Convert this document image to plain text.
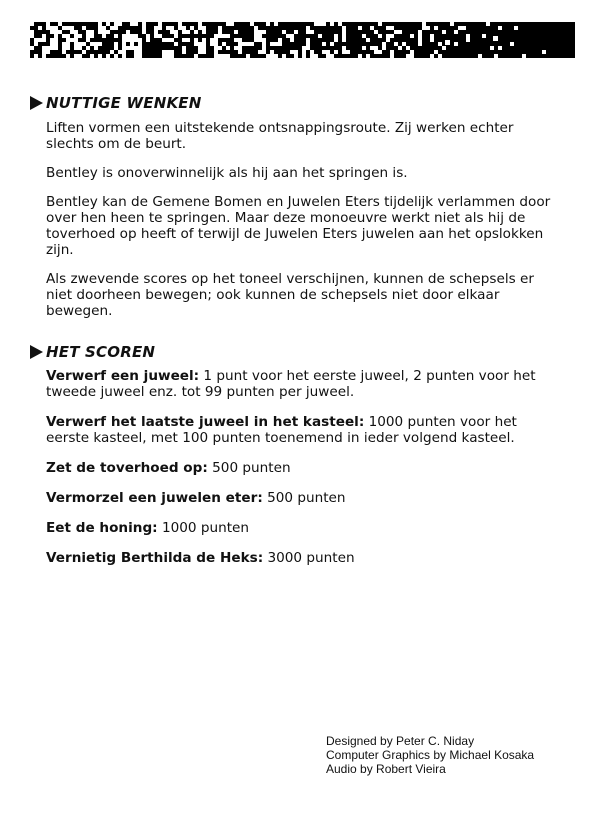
NUTTIGE WENKEN

Liften vormen een uitstekende ontsnappingsroute. Zij werken echter slechts om de beurt.

Bentley is onoverwinnelijk als hij aan het springen is.

Bentley kan de Gemene Bomen en Juwelen Eters tijdelijk verlammen door over hen heen te springen. Maar deze monoeuvre werkt niet als hij de toverhoed op heeft of terwijl de Juwelen Eters juwelen aan het opslokken zijn.

Als zwevende scores op het toneel verschijnen, kunnen de schepsels er niet doorheen bewegen; ook kunnen de schepsels niet door elkaar bewegen.

HET SCOREN

Verwerf een juweel: 1 punt voor het eerste juweel, 2 punten voor het tweede juweel enz. tot 99 punten per juweel.

Verwerf het laatste juweel in het kasteel: 1000 punten voor het eerste kasteel, met 100 punten toenemend in ieder volgend kasteel.

Zet de toverhoed op: 500 punten

Vermorzel een juwelen eter: 500 punten

Eet de honing: 1000 punten

Vernietig Berthilda de Heks: 3000 punten

Designed by Peter C. Niday
Computer Graphics by Michael Kosaka
Audio by Robert Vieira
